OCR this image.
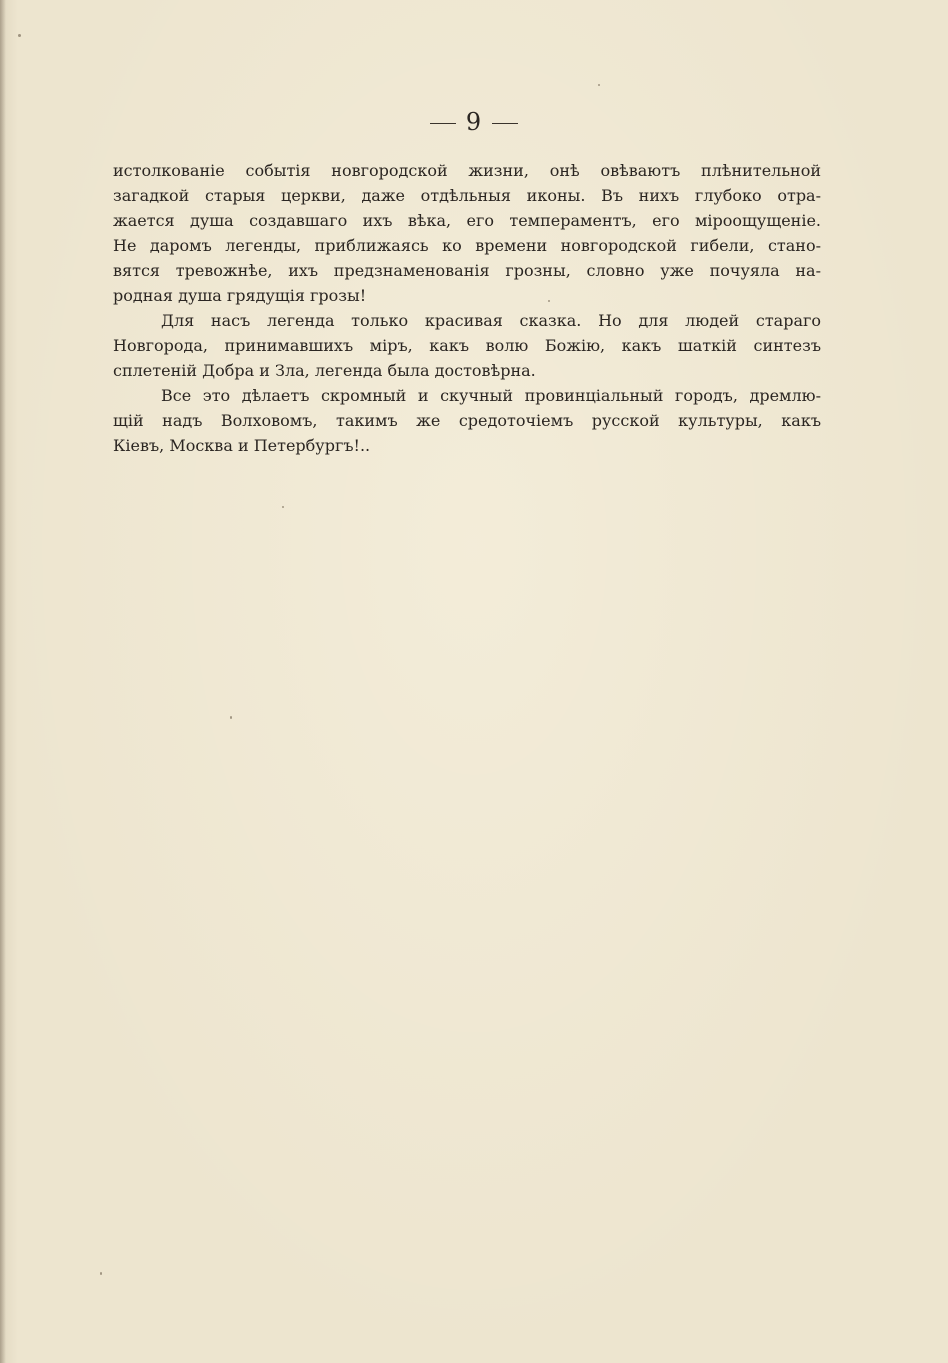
9
истолкованіе событія новгородской жизни, онѣ овѣваютъ плѣнительной
загадкой старыя церкви, даже отдѣльныя иконы. Въ нихъ глубоко отра-
жается душа создавшаго ихъ вѣка, его темпераментъ, его міроощущеніе.
Не даромъ легенды, приближаясь ко времени новгородской гибели, стано-
вятся тревожнѣе, ихъ предзнаменованія грозны, словно уже почуяла на-
родная душа грядущія грозы!
Для насъ легенда только красивая сказка. Но для людей стараго
Новгорода, принимавшихъ міръ, какъ волю Божію, какъ шаткій синтезъ
сплетеній Добра и Зла, легенда была достовѣрна.
Все это дѣлаетъ скромный и скучный провинціальный городъ, дремлю-
щій надъ Волховомъ, такимъ же средоточіемъ русской культуры, какъ
Кіевъ, Москва и Петербургъ!..
